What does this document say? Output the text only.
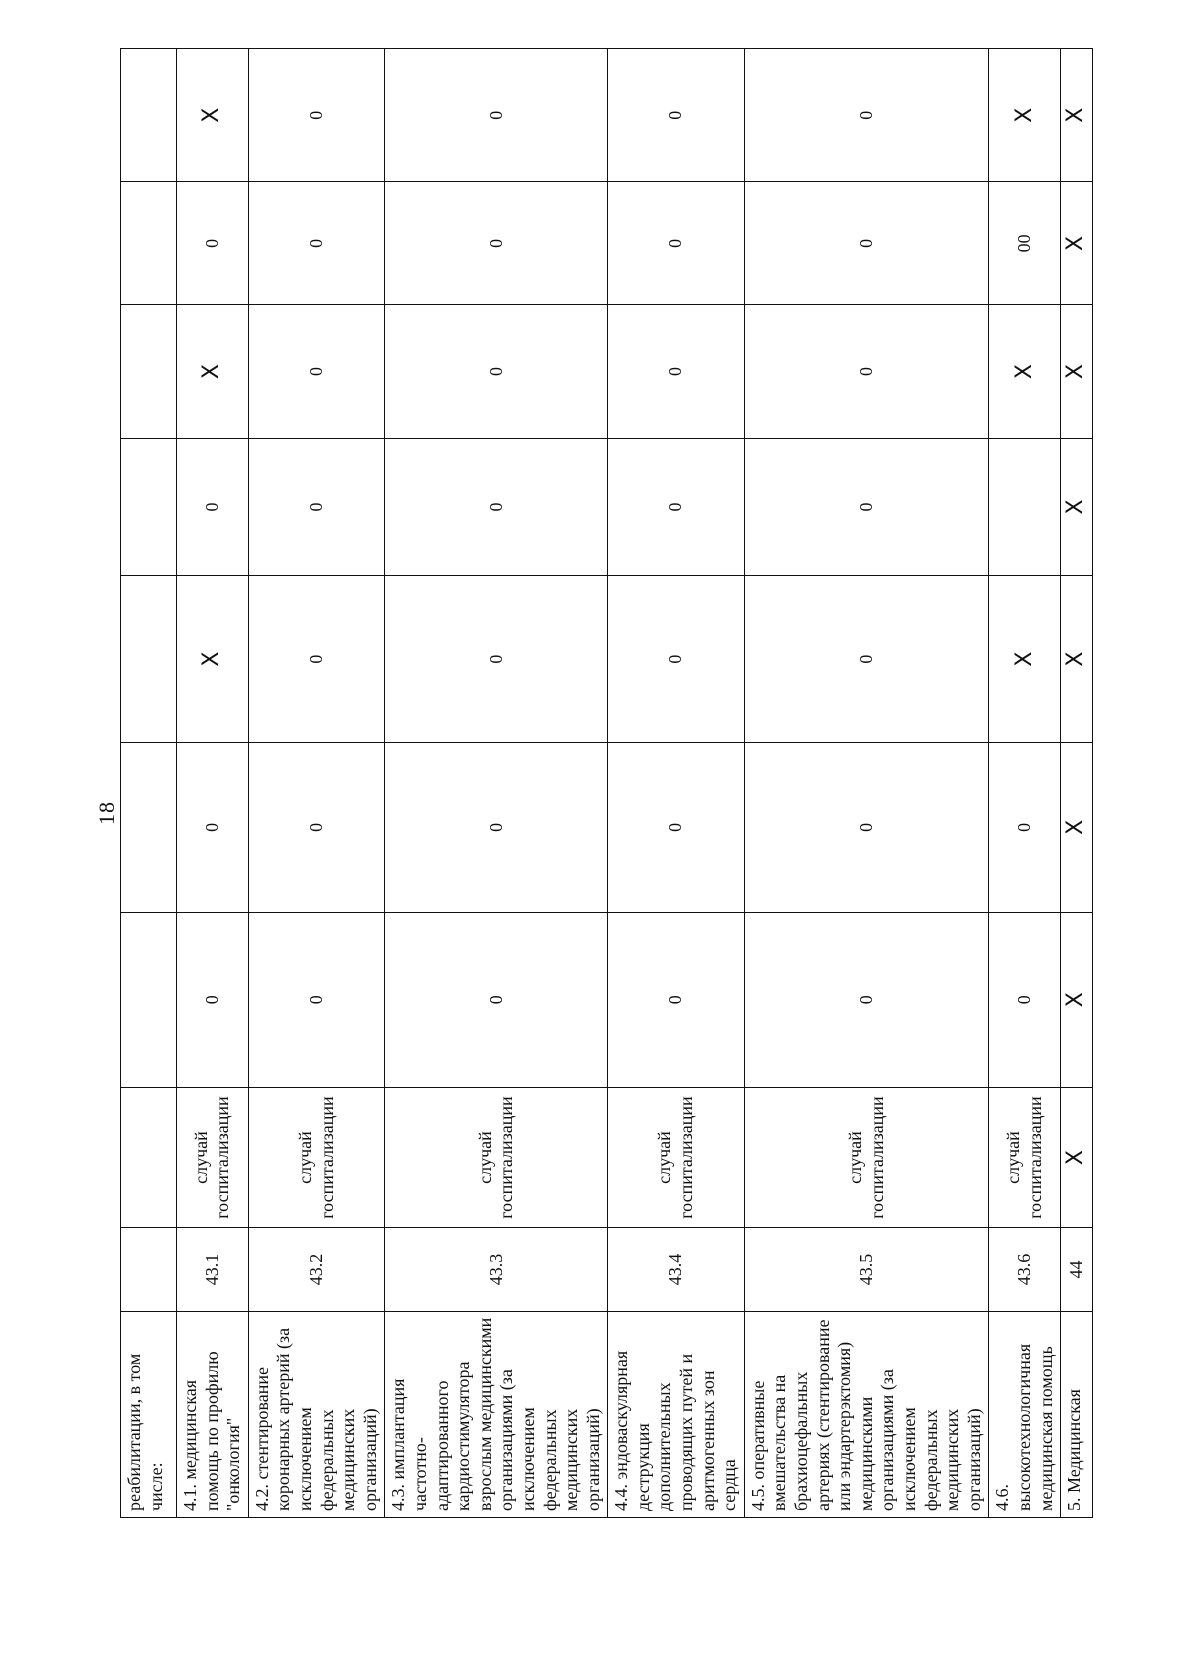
18
реабилитации, в том числе:									
4.1. медицинская помощь по профилю "онкология"	43.1	случай госпитализации	0	0	X	0	X	0	X
4.2. стентирование коронарных артерий (за исключением федеральных медицинских организаций)	43.2	случай госпитализации	0	0	0	0	0	0	0
4.3. имплантация частотно-адаптированного кардиостимулятора взрослым медицинскими организациями (за исключением федеральных медицинских организаций)	43.3	случай госпитализации	0	0	0	0	0	0	0
4.4. эндоваскулярная деструкция дополнительных проводящих путей и аритмогенных зон сердца	43.4	случай госпитализации	0	0	0	0	0	0	0
4.5. оперативные вмешательства на брахиоцефальных артериях (стентирование или эндартерэктомия) медицинскими организациями (за исключением федеральных медицинских организаций)	43.5	случай госпитализации	0	0	0	0	0	0	0
4.6. высокотехнологичная медицинская помощь	43.6	случай госпитализации	0	0	X		X	00	X
5. Медицинская	44	X	X	X	X	X	X	X	X
